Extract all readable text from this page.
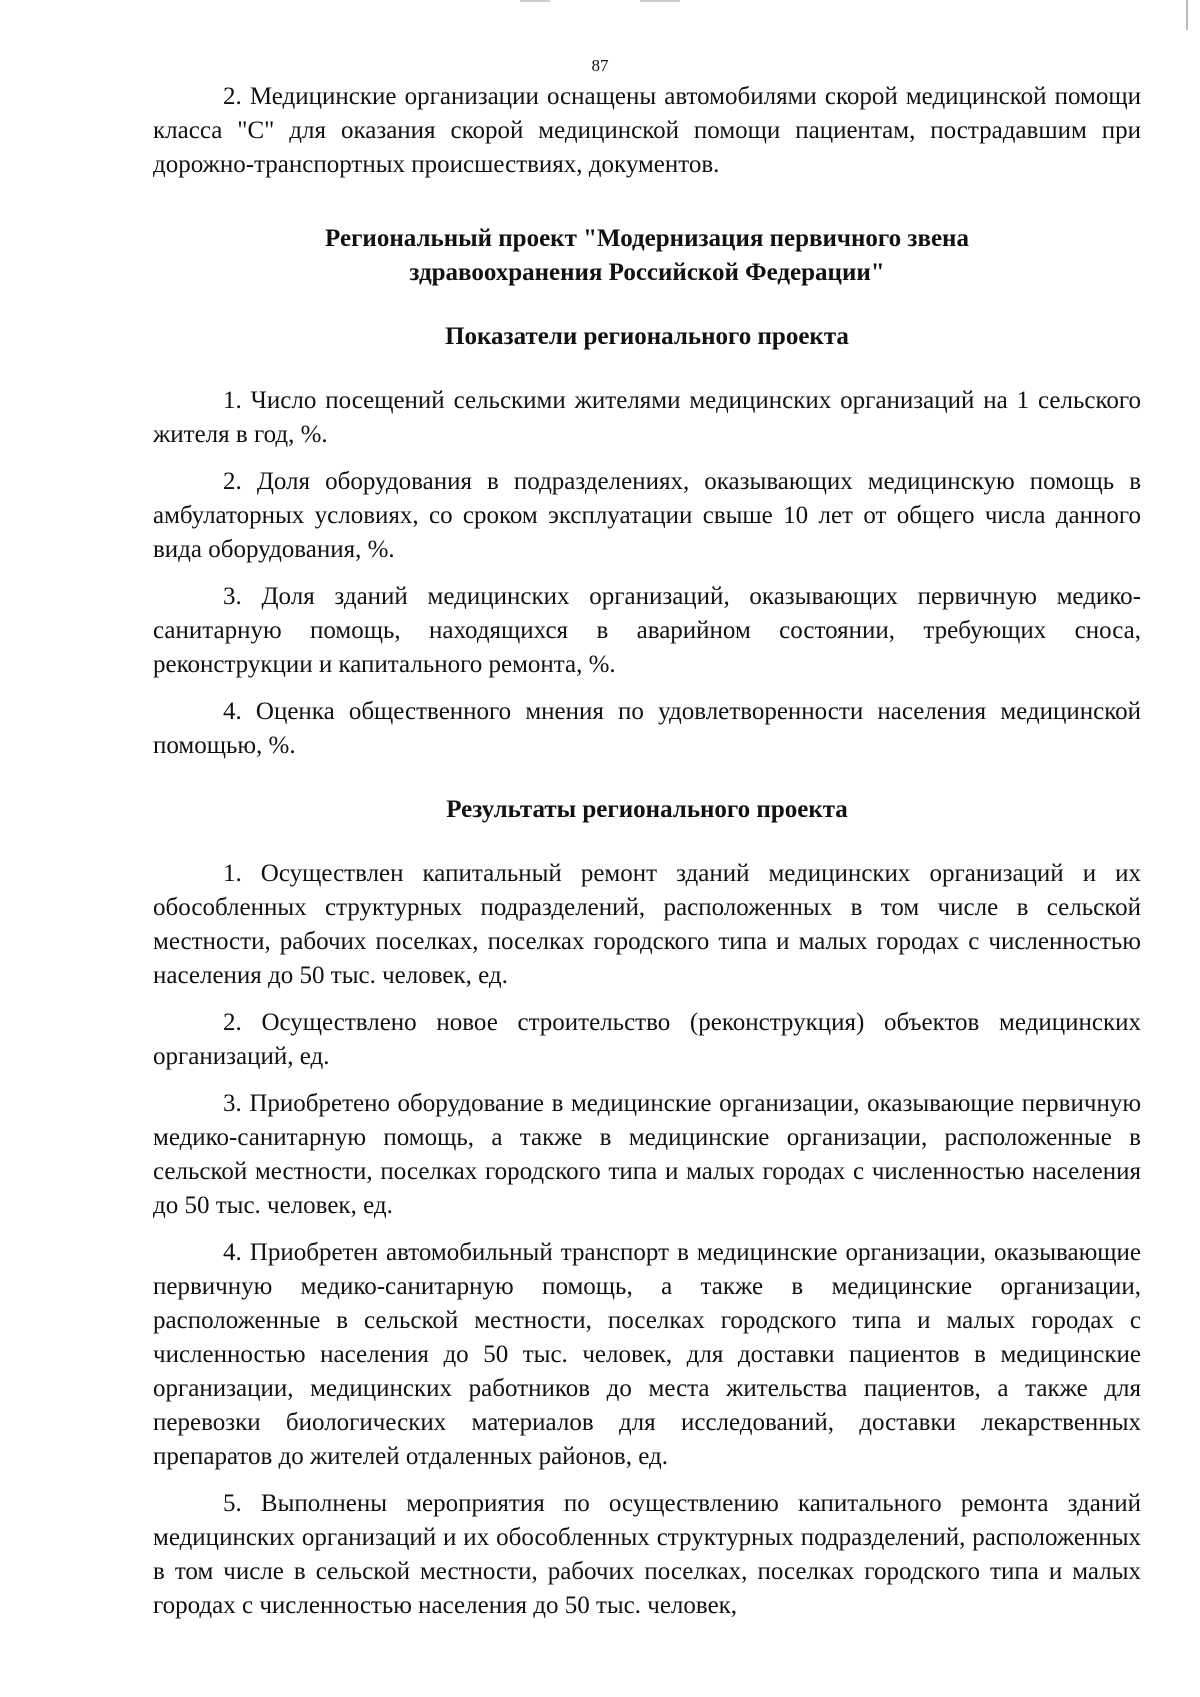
87

2. Медицинские организации оснащены автомобилями скорой медицинской помощи класса "С" для оказания скорой медицинской помощи пациентам, пострадавшим при дорожно-транспортных происшествиях, документов.

Региональный проект "Модернизация первичного звена
здравоохранения Российской Федерации"

Показатели регионального проекта

1. Число посещений сельскими жителями медицинских организаций на 1 сельского жителя в год, %.

2. Доля оборудования в подразделениях, оказывающих медицинскую помощь в амбулаторных условиях, со сроком эксплуатации свыше 10 лет от общего числа данного вида оборудования, %.

3. Доля зданий медицинских организаций, оказывающих первичную медико-санитарную помощь, находящихся в аварийном состоянии, требующих сноса, реконструкции и капитального ремонта, %.

4. Оценка общественного мнения по удовлетворенности населения медицинской помощью, %.

Результаты регионального проекта

1. Осуществлен капитальный ремонт зданий медицинских организаций и их обособленных структурных подразделений, расположенных в том числе в сельской местности, рабочих поселках, поселках городского типа и малых городах с численностью населения до 50 тыс. человек, ед.

2. Осуществлено новое строительство (реконструкция) объектов медицинских организаций, ед.

3. Приобретено оборудование в медицинские организации, оказывающие первичную медико-санитарную помощь, а также в медицинские организации, расположенные в сельской местности, поселках городского типа и малых городах с численностью населения до 50 тыс. человек, ед.

4. Приобретен автомобильный транспорт в медицинские организации, оказывающие первичную медико-санитарную помощь, а также в медицинские организации, расположенные в сельской местности, поселках городского типа и малых городах с численностью населения до 50 тыс. человек, для доставки пациентов в медицинские организации, медицинских работников до места жительства пациентов, а также для перевозки биологических материалов для исследований, доставки лекарственных препаратов до жителей отдаленных районов, ед.

5. Выполнены мероприятия по осуществлению капитального ремонта зданий медицинских организаций и их обособленных структурных подразделений, расположенных в том числе в сельской местности, рабочих поселках, поселках городского типа и малых городах с численностью населения до 50 тыс. человек,
